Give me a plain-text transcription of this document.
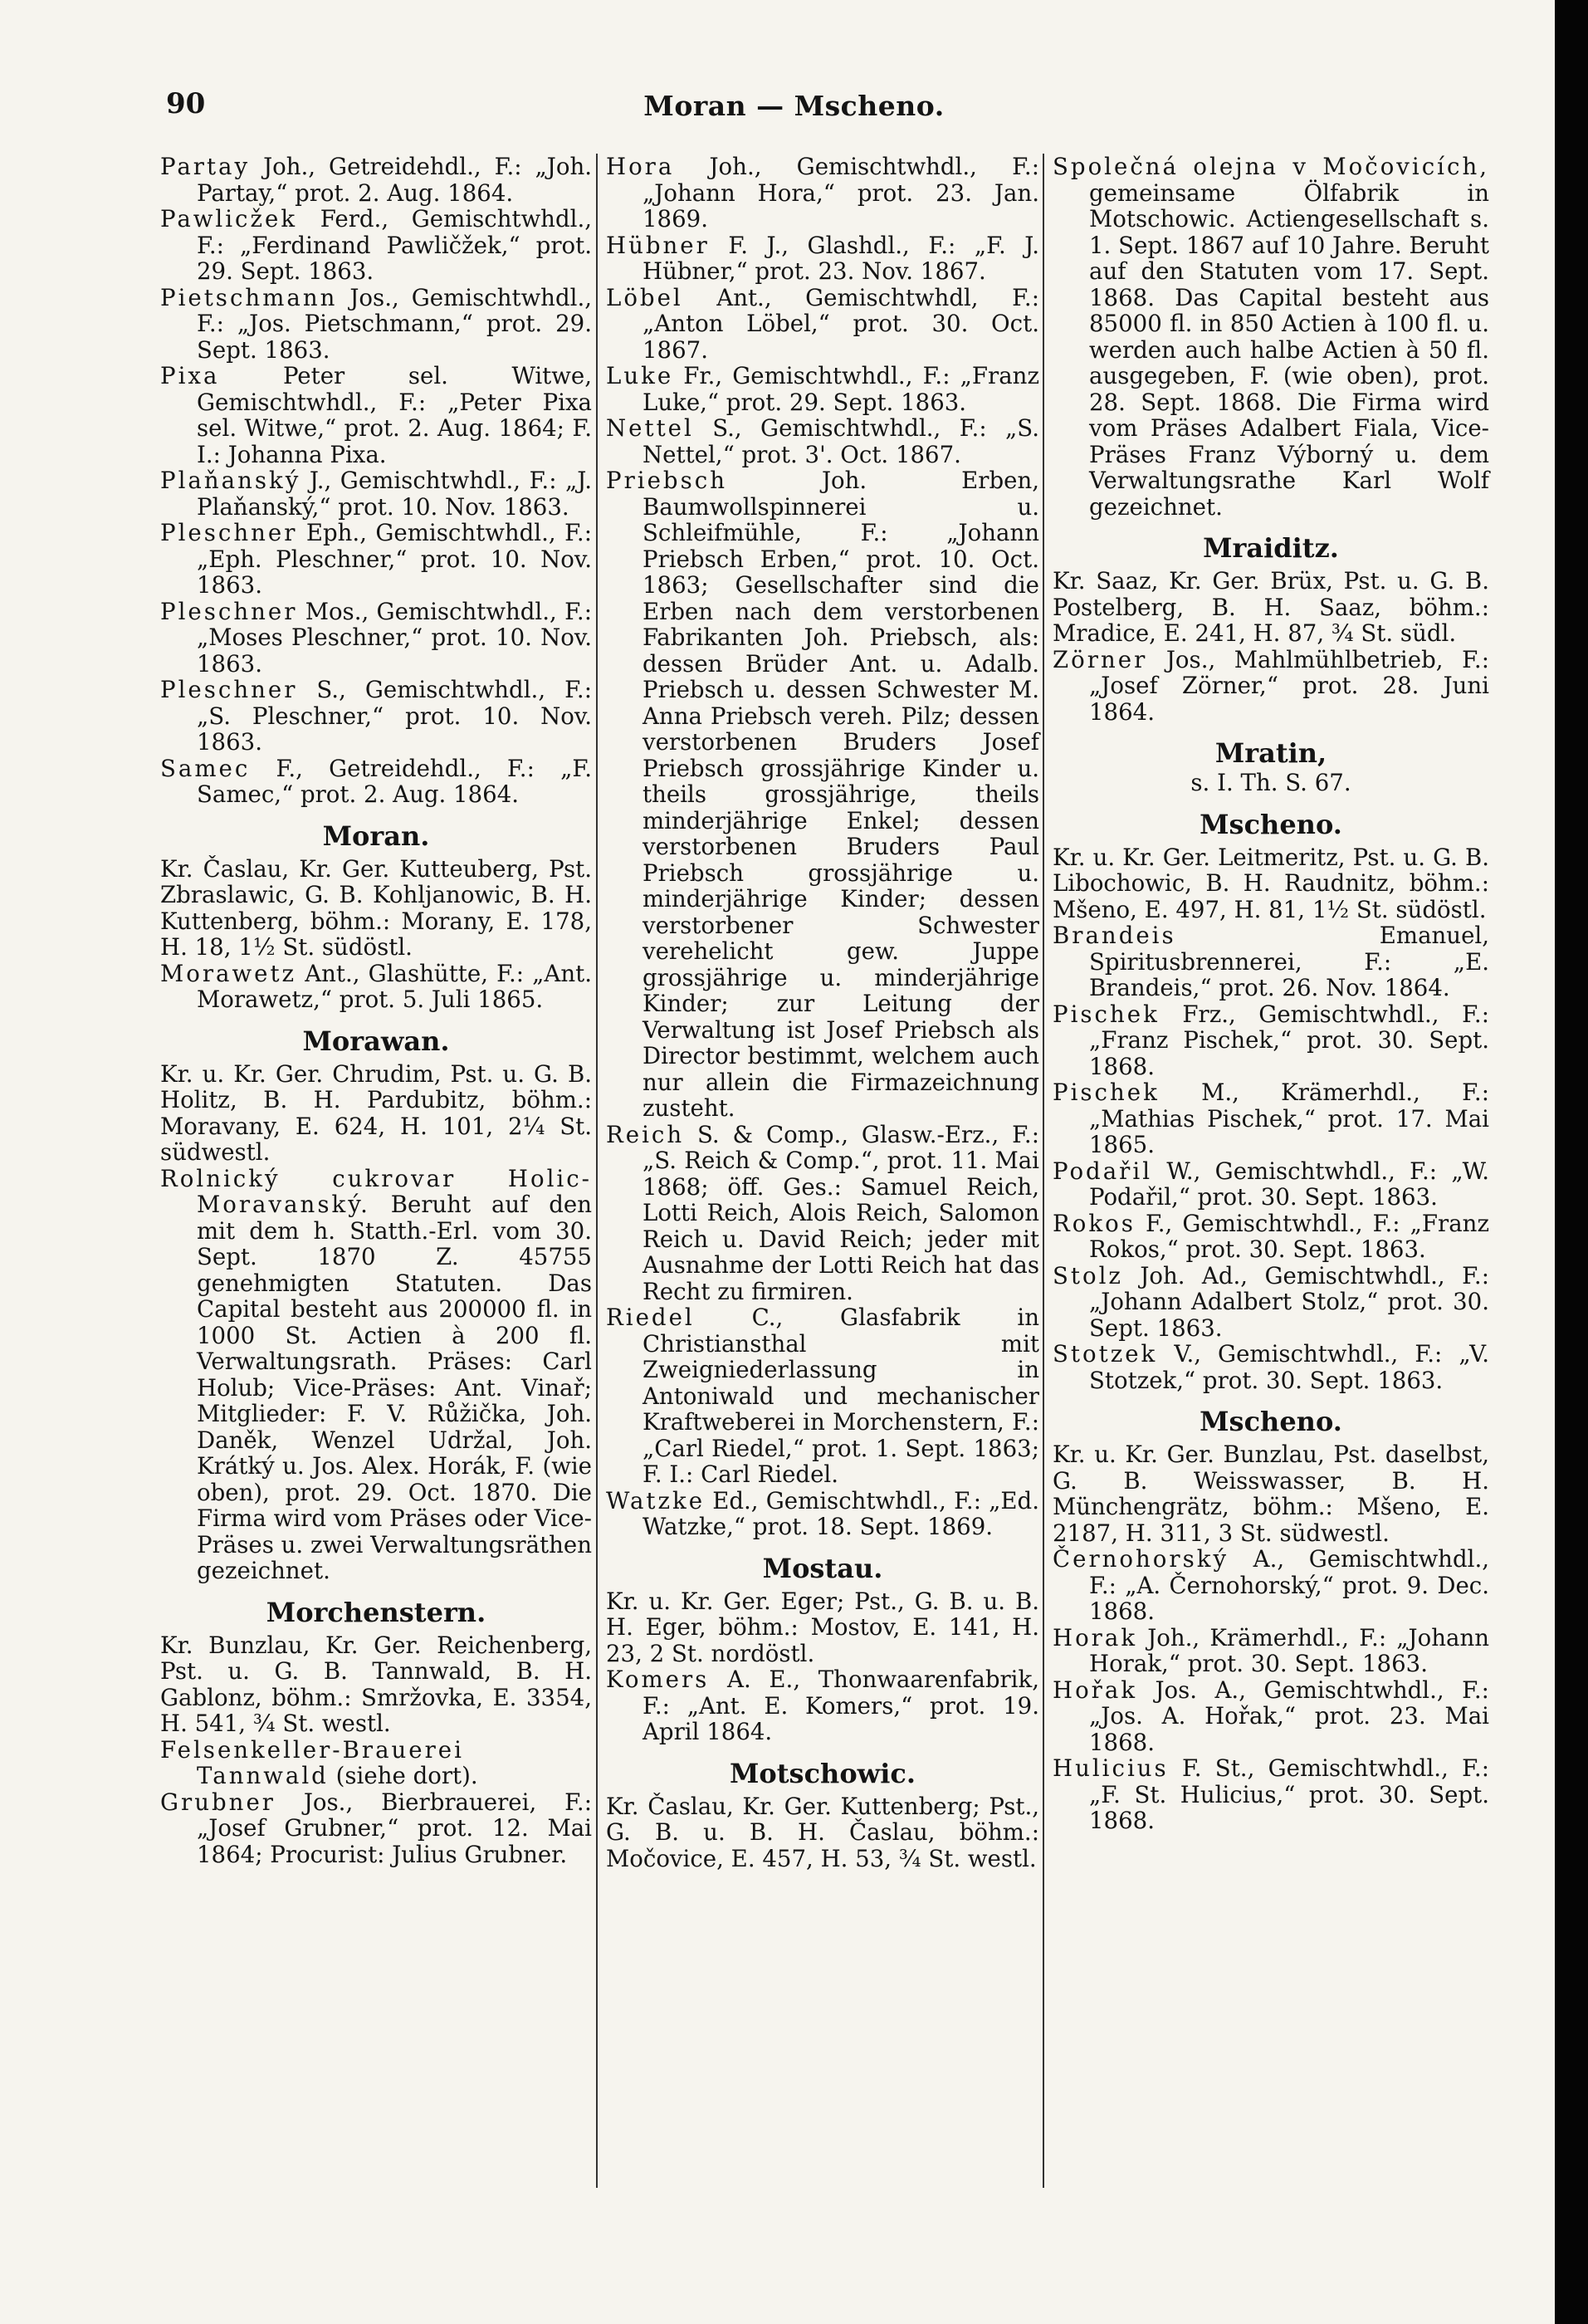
90	Moran — Mscheno.

Partay Joh., Getreidehdl., F.: „Joh. Partay,“ prot. 2. Aug. 1864.

Pawlicžek Ferd., Gemischtwhdl., F.: „Ferdinand Pawličžek,“ prot. 29. Sept. 1863.

Pietschmann Jos., Gemischtwhdl., F.: „Jos. Pietschmann,“ prot. 29. Sept. 1863.

Pixa	Peter sel. Witwe, Gemischtwhdl., F.: „Peter Pixa sel. Witwe,“ prot. 2. Aug. 1864; F. I.: Johanna Pixa.

Plaňanský J., Gemischtwhdl., F.: „J. Plaňanský,“ prot. 10. Nov. 1863.

Pleschner Eph., Gemischtwhdl., F.: „Eph. Pleschner,“ prot. 10. Nov. 1863.

Pleschner Mos., Gemischtwhdl., F.: „Moses Pleschner,“ prot. 10. Nov. 1863.

Pleschner S., Gemischtwhdl., F.: „S. Pleschner,“ prot. 10. Nov. 1863.

Samec F., Getreidehdl., F.: „F. Samec,“ prot. 2. Aug. 1864.

Moran.

Kr. Časlau, Kr. Ger. Kutteuberg, Pst. Zbraslawic, G. B. Kohljanowic, B. H. Kuttenberg, böhm.: Morany, E. 178, H. 18, 1½ St. südöstl.

Morawetz Ant., Glashütte, F.: „Ant. Morawetz,“ prot. 5. Juli 1865.

Morawan.

Kr. u. Kr. Ger. Chrudim, Pst. u. G. B. Holitz, B. H. Pardubitz, böhm.: Moravany, E. 624, H. 101, 2¼ St. südwestl.

Rolnický cukrovar Holic-Moravanský. Beruht auf den mit dem h. Statth.-Erl. vom 30. Sept. 1870 Z. 45755 genehmigten Statuten. Das Capital besteht aus 200000 fl. in 1000 St. Actien à 200 fl. Verwaltungsrath. Präses: Carl Holub; Vice-Präses: Ant. Vinař; Mitglieder: F. V. Růžička, Joh. Daněk, Wenzel Udržal, Joh. Krátký u. Jos. Alex. Horák, F. (wie oben), prot. 29. Oct. 1870. Die Firma wird vom Präses oder Vice-Präses u. zwei Verwaltungsräthen gezeichnet.

Morchenstern.

Kr. Bunzlau, Kr. Ger. Reichenberg, Pst. u. G. B. Tannwald, B. H. Gablonz, böhm.: Smržovka, E. 3354, H. 541, ¾ St. westl.

Felsenkeller-Brauerei Tannwald (siehe dort).

Grubner Jos., Bierbrauerei, F.: „Josef Grubner,“ prot. 12. Mai 1864; Procurist: Julius Grubner.

Hora Joh., Gemischtwhdl., F.: „Johann Hora,“ prot. 23. Jan. 1869.

Hübner F. J., Glashdl., F.: „F. J. Hübner,“ prot. 23. Nov. 1867.

Löbel Ant., Gemischtwhdl, F.: „Anton Löbel,“ prot. 30. Oct. 1867.

Luke Fr., Gemischtwhdl., F.: „Franz Luke,“ prot. 29. Sept. 1863.

Nettel S., Gemischtwhdl., F.: „S. Nettel,“ prot. 3'. Oct. 1867.

Priebsch	Joh. Erben, Baumwollspinnerei u. Schleifmühle, F.: „Johann Priebsch Erben,“ prot. 10. Oct. 1863; Gesellschafter sind die Erben nach dem verstorbenen Fabrikanten Joh. Priebsch, als: dessen Brüder Ant. u. Adalb. Priebsch u. dessen Schwester M. Anna Priebsch vereh. Pilz; dessen verstorbenen Bruders Josef Priebsch grossjährige Kinder u. theils grossjährige, theils minderjährige Enkel; dessen verstorbenen Bruders Paul Priebsch grossjährige u. minderjährige Kinder; dessen verstorbener Schwester verehelicht gew. Juppe grossjährige u. minderjährige Kinder; zur Leitung der Verwaltung ist Josef Priebsch als Director bestimmt, welchem auch nur allein die Firmazeichnung zusteht.

Reich S. & Comp., Glasw.-Erz., F.: „S. Reich & Comp.“, prot. 11. Mai 1868; öff. Ges.: Samuel Reich, Lotti Reich, Alois Reich, Salomon Reich u. David Reich; jeder mit Ausnahme der Lotti Reich hat das Recht zu firmiren.

Riedel C., Glasfabrik in Christiansthal mit Zweigniederlassung in Antoniwald und mechanischer Kraftweberei in Morchenstern, F.: „Carl Riedel,“ prot. 1. Sept. 1863; F. I.: Carl Riedel.

Watzke Ed., Gemischtwhdl., F.: „Ed. Watzke,“ prot. 18. Sept. 1869.

Mostau.

Kr. u. Kr. Ger. Eger; Pst., G. B. u. B. H. Eger, böhm.: Mostov, E. 141, H. 23, 2 St. nordöstl.

Komers A. E., Thonwaarenfabrik, F.: „Ant. E. Komers,“ prot. 19. April 1864.

Motschowic.

Kr. Časlau, Kr. Ger. Kuttenberg; Pst., G. B. u. B. H. Časlau, böhm.: Močovice, E. 457, H. 53, ¾ St. westl.

Společná olejna v Močovicích, gemeinsame Ölfabrik in Motschowic. Actiengesellschaft s. 1. Sept. 1867 auf 10 Jahre. Beruht auf den Statuten vom 17. Sept. 1868. Das Capital besteht aus 85000 fl. in 850 Actien à 100 fl. u. werden auch halbe Actien à 50 fl. ausgegeben, F. (wie oben), prot. 28. Sept. 1868. Die Firma wird vom Präses Adalbert Fiala, Vice-Präses Franz Výborný u. dem Verwaltungsrathe Karl Wolf gezeichnet.

Mraiditz.

Kr. Saaz, Kr. Ger. Brüx, Pst. u. G. B. Postelberg, B. H. Saaz, böhm.: Mradice, E. 241, H. 87, ¾ St. südl.

Zörner Jos., Mahlmühlbetrieb, F.: „Josef Zörner,“ prot. 28. Juni 1864.

Mratin,

s. I. Th. S. 67.

Mscheno.

Kr. u. Kr. Ger. Leitmeritz, Pst. u. G. B. Libochowic, B. H. Raudnitz, böhm.: Mšeno, E. 497, H. 81, 1½ St. südöstl.

Brandeis	Emanuel, Spiritusbrennerei, F.: „E. Brandeis,“ prot. 26. Nov. 1864.

Pischek Frz., Gemischtwhdl., F.: „Franz Pischek,“ prot. 30. Sept. 1868.

Pischek M., Krämerhdl., F.: „Mathias Pischek,“ prot. 17. Mai 1865.

Podařil W., Gemischtwhdl., F.: „W. Podařil,“ prot. 30. Sept. 1863.

Rokos F., Gemischtwhdl., F.: „Franz Rokos,“ prot. 30. Sept. 1863.

Stolz Joh. Ad., Gemischtwhdl., F.: „Johann Adalbert Stolz,“ prot. 30. Sept. 1863.

Stotzek V., Gemischtwhdl., F.: „V. Stotzek,“ prot. 30. Sept. 1863.

Mscheno.

Kr. u. Kr. Ger. Bunzlau, Pst. daselbst, G. B. Weisswasser, B. H. Münchengrätz, böhm.: Mšeno, E. 2187, H. 311, 3 St. südwestl.

Černohorský A., Gemischtwhdl., F.: „A. Černohorský,“ prot. 9. Dec. 1868.

Horak Joh., Krämerhdl., F.: „Johann Horak,“ prot. 30. Sept. 1863.

Hořak Jos. A., Gemischtwhdl., F.: „Jos. A. Hořak,“ prot. 23. Mai 1868.

Hulicius F. St., Gemischtwhdl., F.: „F. St. Hulicius,“ prot. 30. Sept. 1868.
